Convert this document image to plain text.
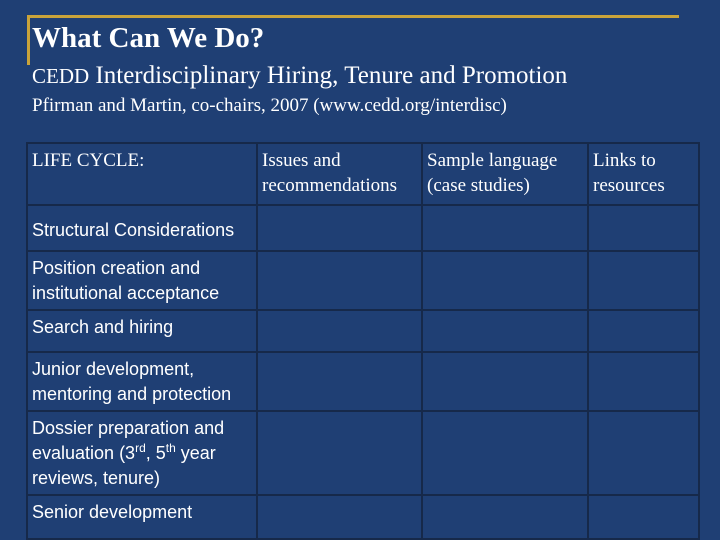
What Can We Do?
CEDD Interdisciplinary Hiring, Tenure and Promotion
Pfirman and Martin, co-chairs, 2007 (www.cedd.org/interdisc)
LIFE CYCLE:	Issues and recommendations	Sample language (case studies)	Links to resources
Structural Considerations			
Position creation and institutional acceptance			
Search and hiring			
Junior development, mentoring and protection			
Dossier preparation and evaluation (3rd, 5th year reviews, tenure)			
Senior development			
